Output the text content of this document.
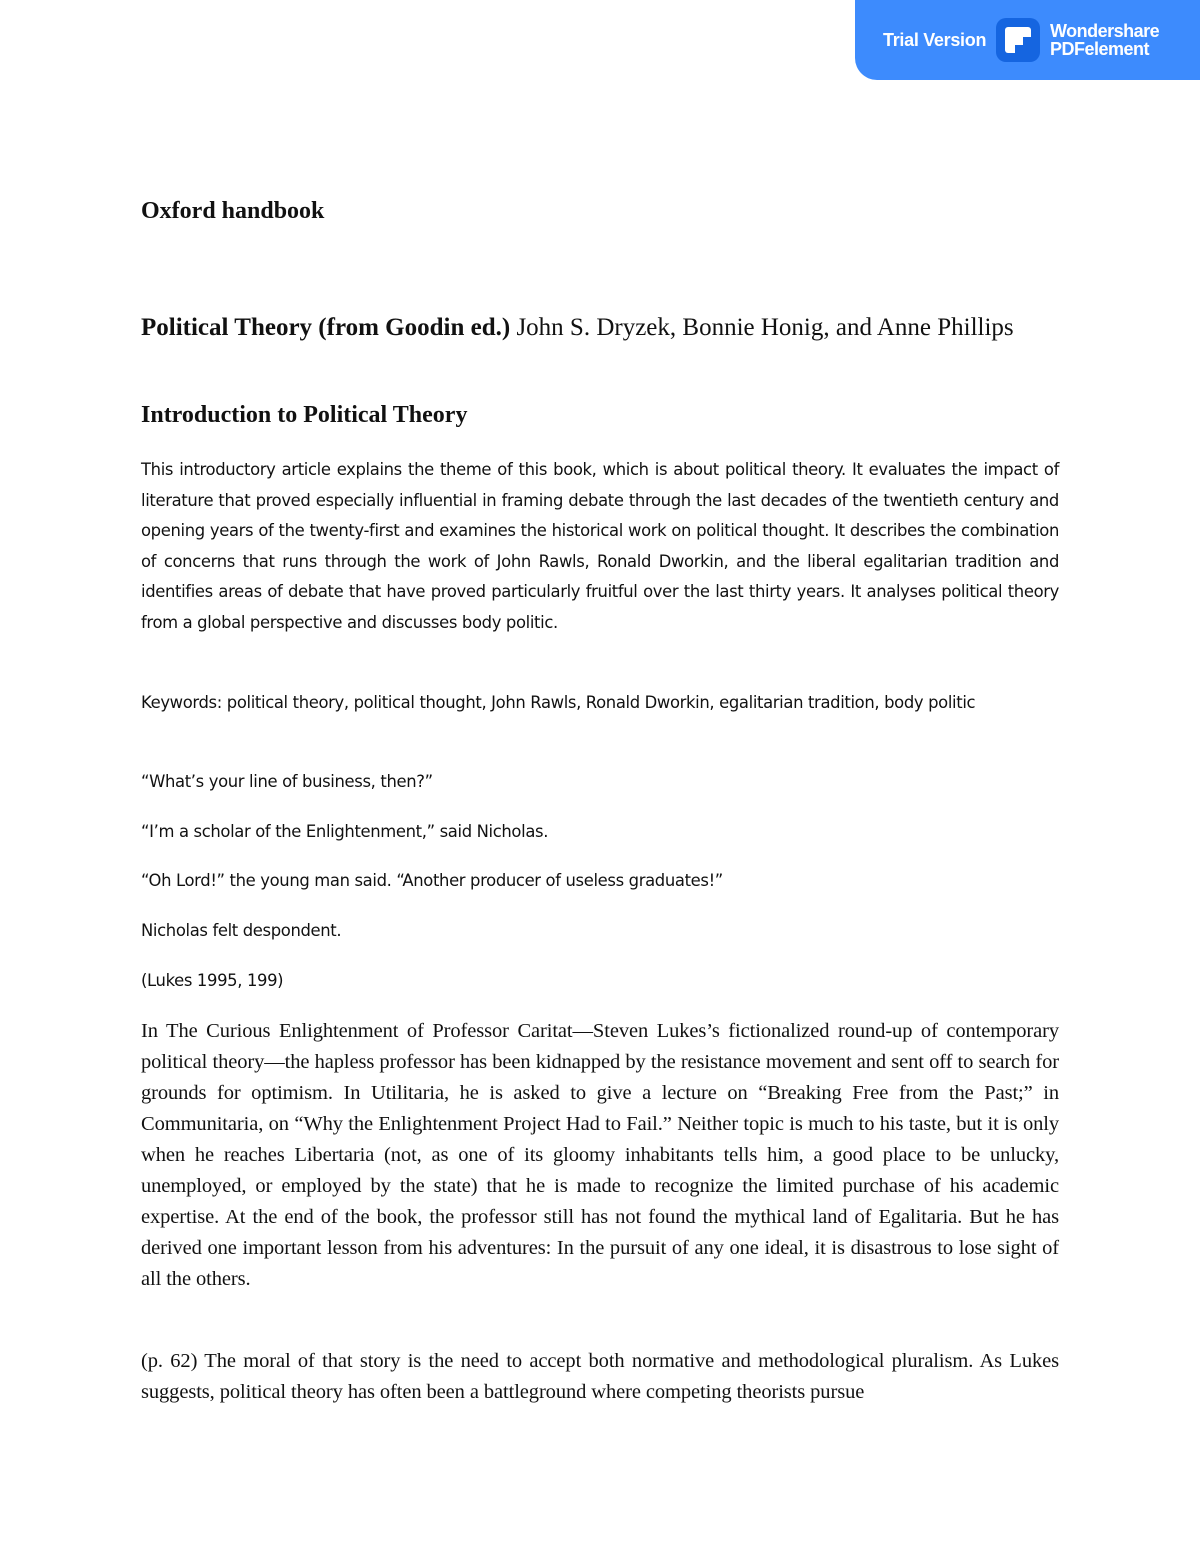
Trial Version	Wondershare
PDFelement
Oxford handbook

Political Theory (from Goodin ed.) John S. Dryzek, Bonnie Honig, and Anne Phillips

Introduction to Political Theory

This introductory article explains the theme of this book, which is about political theory. It evaluates the impact of literature that proved especially influential in framing debate through the last decades of the twentieth century and opening years of the twenty-first and examines the historical work on political thought. It describes the combination of concerns that runs through the work of John Rawls, Ronald Dworkin, and the liberal egalitarian tradition and identifies areas of debate that have proved particularly fruitful over the last thirty years. It analyses political theory from a global perspective and discusses body politic.

Keywords: political theory, political thought, John Rawls, Ronald Dworkin, egalitarian tradition, body politic

“What’s your line of business, then?”

“I’m a scholar of the Enlightenment,” said Nicholas.

“Oh Lord!” the young man said. “Another producer of useless graduates!”

Nicholas felt despondent.

(Lukes 1995, 199)

In The Curious Enlightenment of Professor Caritat—Steven Lukes’s fictionalized round-up of contemporary political theory—the hapless professor has been kidnapped by the resistance movement and sent off to search for grounds for optimism. In Utilitaria, he is asked to give a lecture on “Breaking Free from the Past;” in Communitaria, on “Why the Enlightenment Project Had to Fail.” Neither topic is much to his taste, but it is only when he reaches Libertaria (not, as one of its gloomy inhabitants tells him, a good place to be unlucky, unemployed, or employed by the state) that he is made to recognize the limited purchase of his academic expertise. At the end of the book, the professor still has not found the mythical land of Egalitaria. But he has derived one important lesson from his adventures: In the pursuit of any one ideal, it is disastrous to lose sight of all the others.

(p. 62) The moral of that story is the need to accept both normative and methodological pluralism. As Lukes suggests, political theory has often been a battleground where competing theorists pursue
